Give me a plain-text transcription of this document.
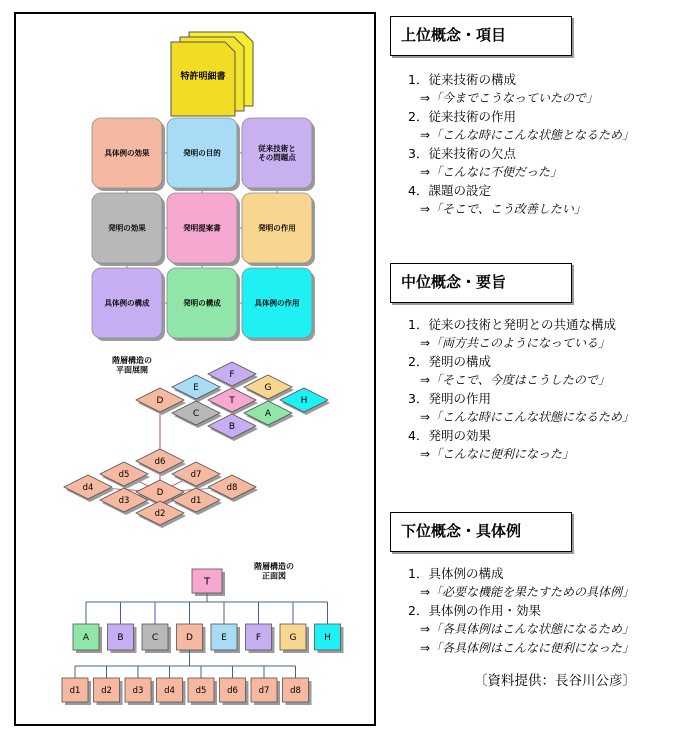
特許明細書
具体例の効果	発明の目的	従来技術とその問題点
発明の効果	発明提案書	発明の作用
具体例の構成	発明の構成	具体例の作用
階層構造の平面展開
F
E	G
D	T	H
C	A
B
d6
d5	d7
d4	D	d8
d3	d1
d2
階層構造の正面図
T
A	B	C	D	E	F	G	H
d1 d2 d3 d4 d5 d6 d7 d8
上位概念・項目
1．従来技術の構成
⇒「今までこうなっていたので」
2．従来技術の作用
⇒「こんな時にこんな状態となるため」
3．従来技術の欠点
⇒「こんなに不便だった」
4．課題の設定
⇒「そこで、こう改善したい」
中位概念・要旨
1．従来の技術と発明との共通な構成
⇒「両方共このようになっている」
2．発明の構成
⇒「そこで、今度はこうしたので」
3．発明の作用
⇒「こんな時にこんな状態になるため」
4．発明の効果
⇒「こんなに便利になった」
下位概念・具体例
1．具体例の構成
⇒「必要な機能を果たすための具体例」
2．具体例の作用・効果
⇒「各具体例はこんな状態になるため」
⇒「各具体例はこんなに便利になった」
〔資料提供：長谷川公彦〕
